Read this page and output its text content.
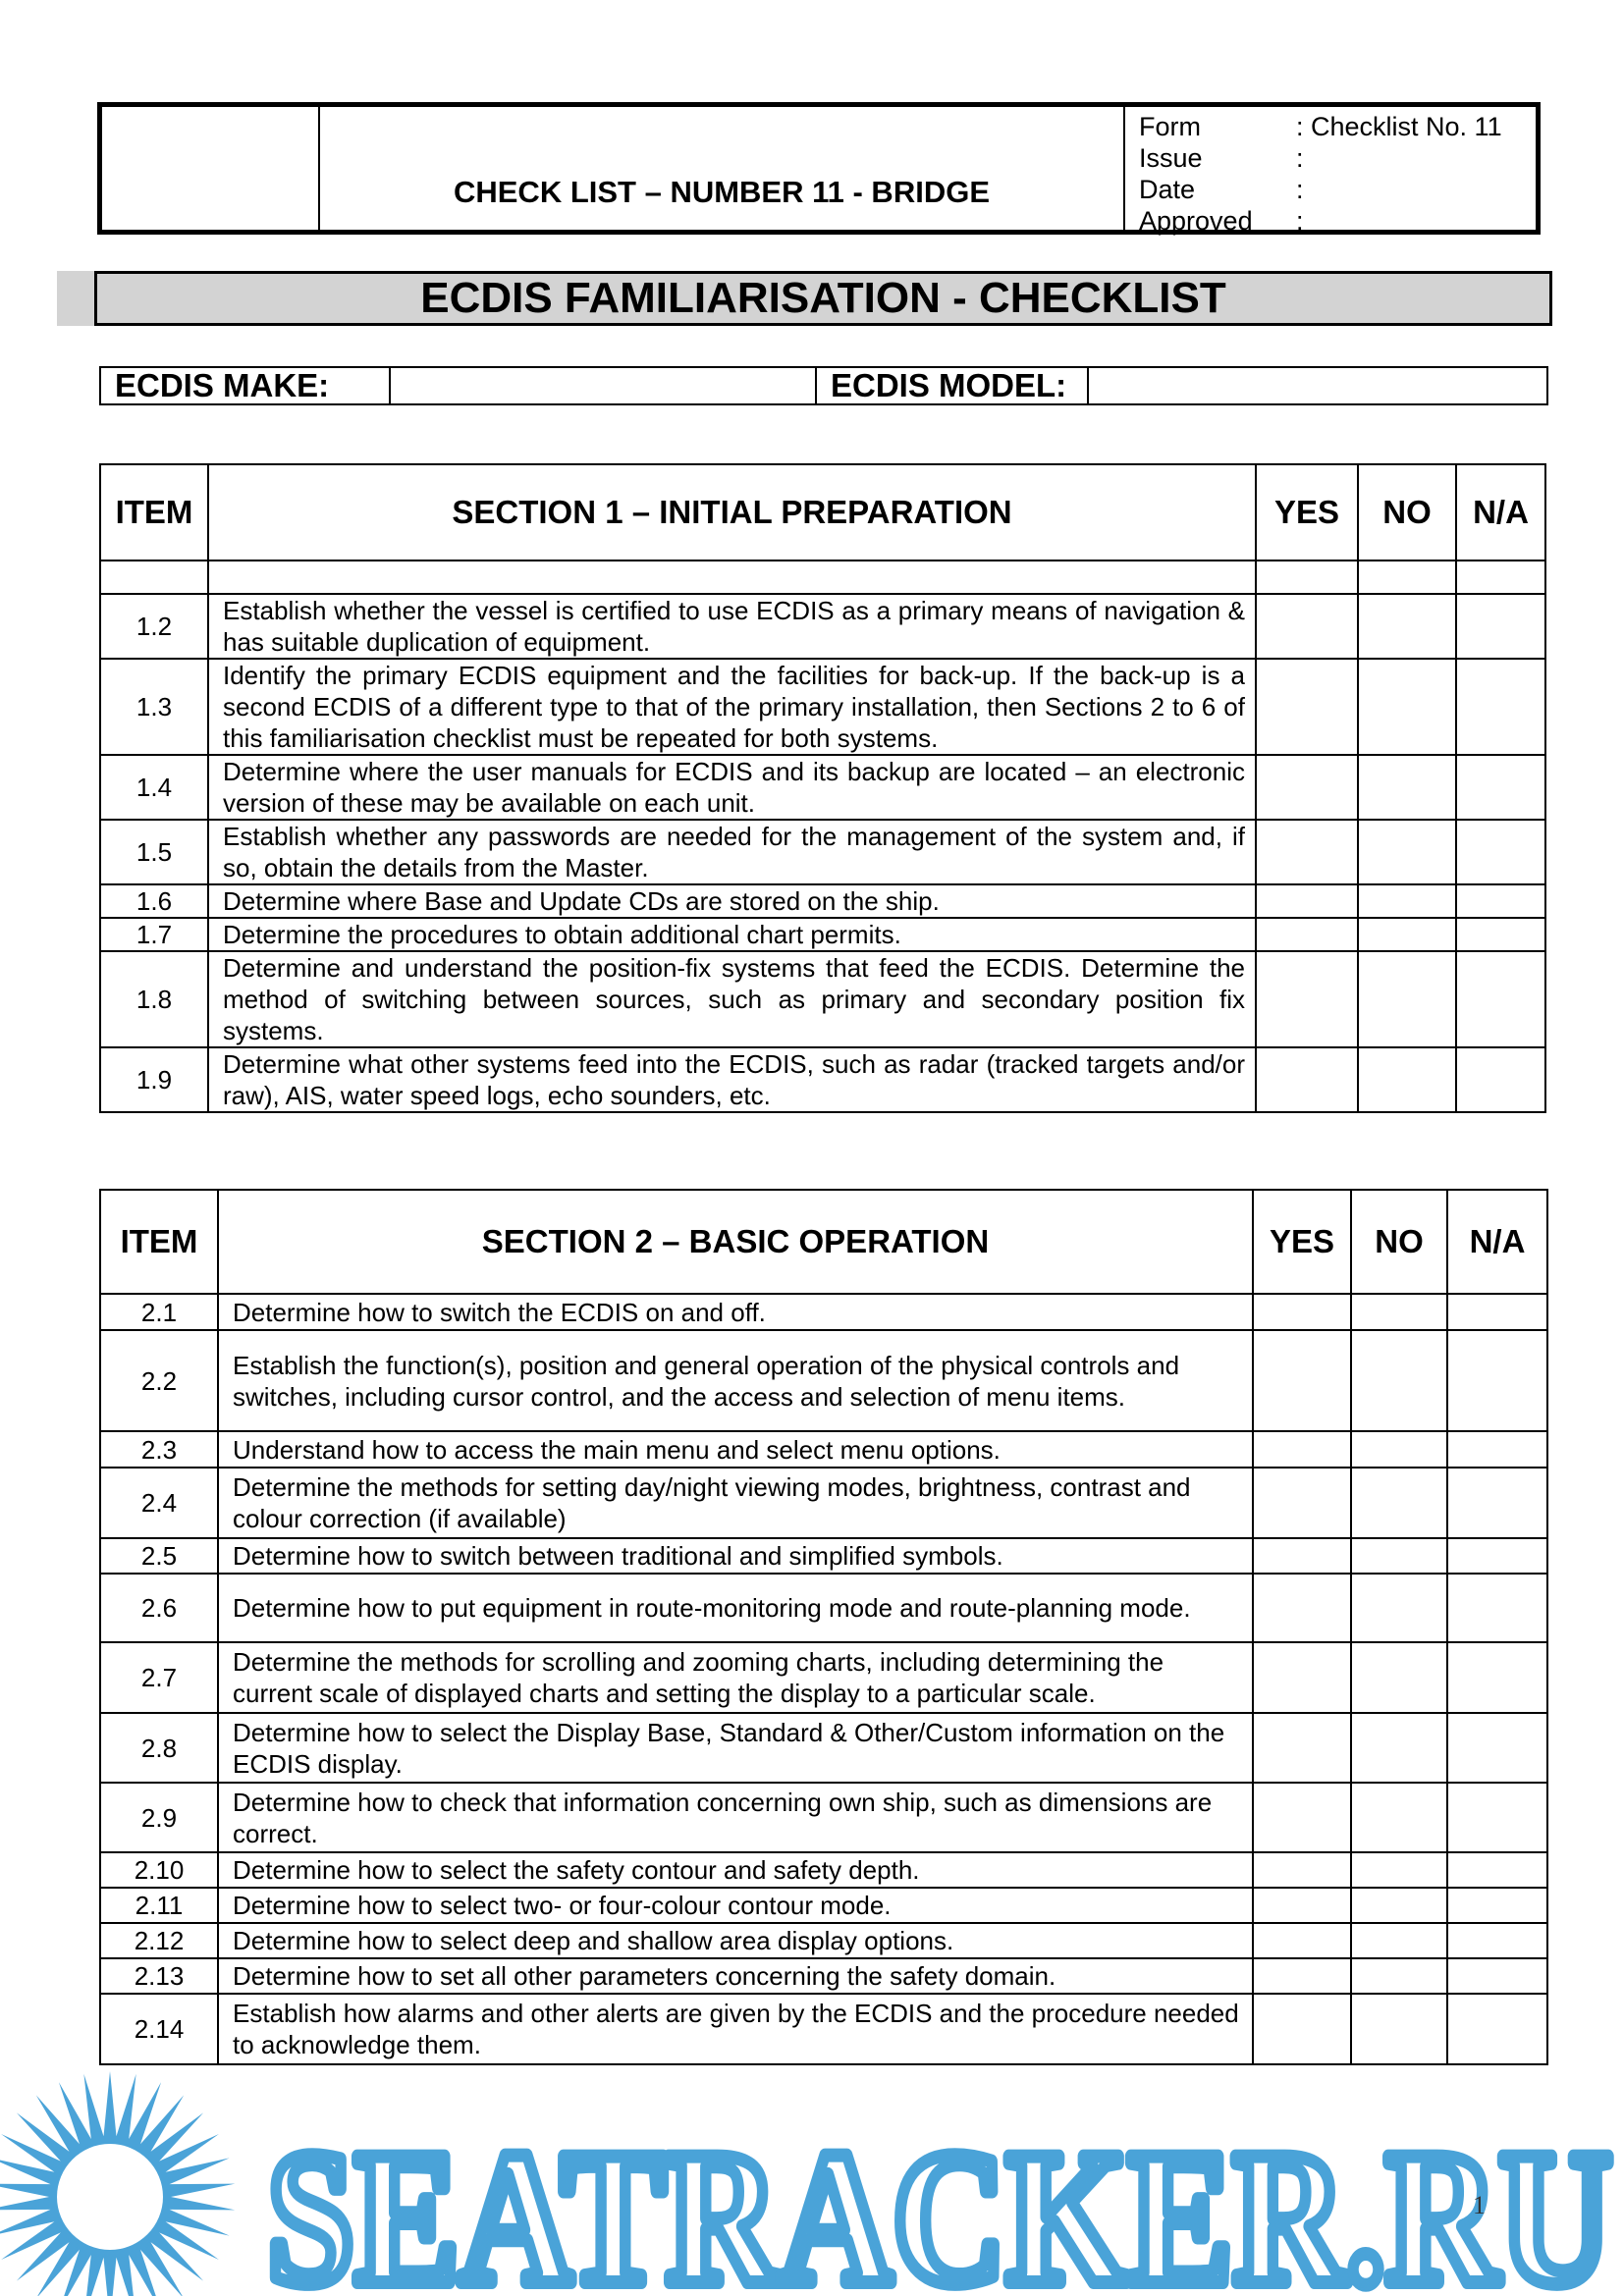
CHECK LIST – NUMBER 11 - BRIDGE
Form	: Checklist No. 11
Issue	:
Date	:
Approved	:
ECDIS FAMILIARISATION - CHECKLIST
ECDIS MAKE:	ECDIS MODEL:
ITEM	SECTION 1 – INITIAL PREPARATION	YES	NO	N/A

1.2	Establish whether the vessel is certified to use ECDIS as a primary means of navigation & has suitable duplication of equipment.			
1.3	Identify the primary ECDIS equipment and the facilities for back-up. If the back-up is a second ECDIS of a different type to that of the primary installation, then Sections 2 to 6 of this familiarisation checklist must be repeated for both systems.			
1.4	Determine where the user manuals for ECDIS and its backup are located – an electronic version of these may be available on each unit.			
1.5	Establish whether any passwords are needed for the management of the system and, if so, obtain the details from the Master.			
1.6	Determine where Base and Update CDs are stored on the ship.			
1.7	Determine the procedures to obtain additional chart permits.			
1.8	Determine and understand the position-fix systems that feed the ECDIS. Determine the method of switching between sources, such as primary and secondary position fix systems.			
1.9	Determine what other systems feed into the ECDIS, such as radar (tracked targets and/or raw), AIS, water speed logs, echo sounders, etc.			
ITEM	SECTION 2 – BASIC OPERATION	YES	NO	N/A
2.1	Determine how to switch the ECDIS on and off.			
2.2	Establish the function(s), position and general operation of the physical controls and switches, including cursor control, and the access and selection of menu items.			
2.3	Understand how to access the main menu and select menu options.			
2.4	Determine the methods for setting day/night viewing modes, brightness, contrast and colour correction (if available)			
2.5	Determine how to switch between traditional and simplified symbols.			
2.6	Determine how to put equipment in route-monitoring mode and route-planning mode.			
2.7	Determine the methods for scrolling and zooming charts, including determining the current scale of displayed charts and setting the display to a particular scale.			
2.8	Determine how to select the Display Base, Standard & Other/Custom information on the ECDIS display.			
2.9	Determine how to check that information concerning own ship, such as dimensions are correct.			
2.10	Determine how to select the safety contour and safety depth.			
2.11	Determine how to select two- or four-colour contour mode.			
2.12	Determine how to select deep and shallow area display options.			
2.13	Determine how to set all other parameters concerning the safety domain.			
2.14	Establish how alarms and other alerts are given by the ECDIS and the procedure needed to acknowledge them.			
SEATRACKER.RU
1
